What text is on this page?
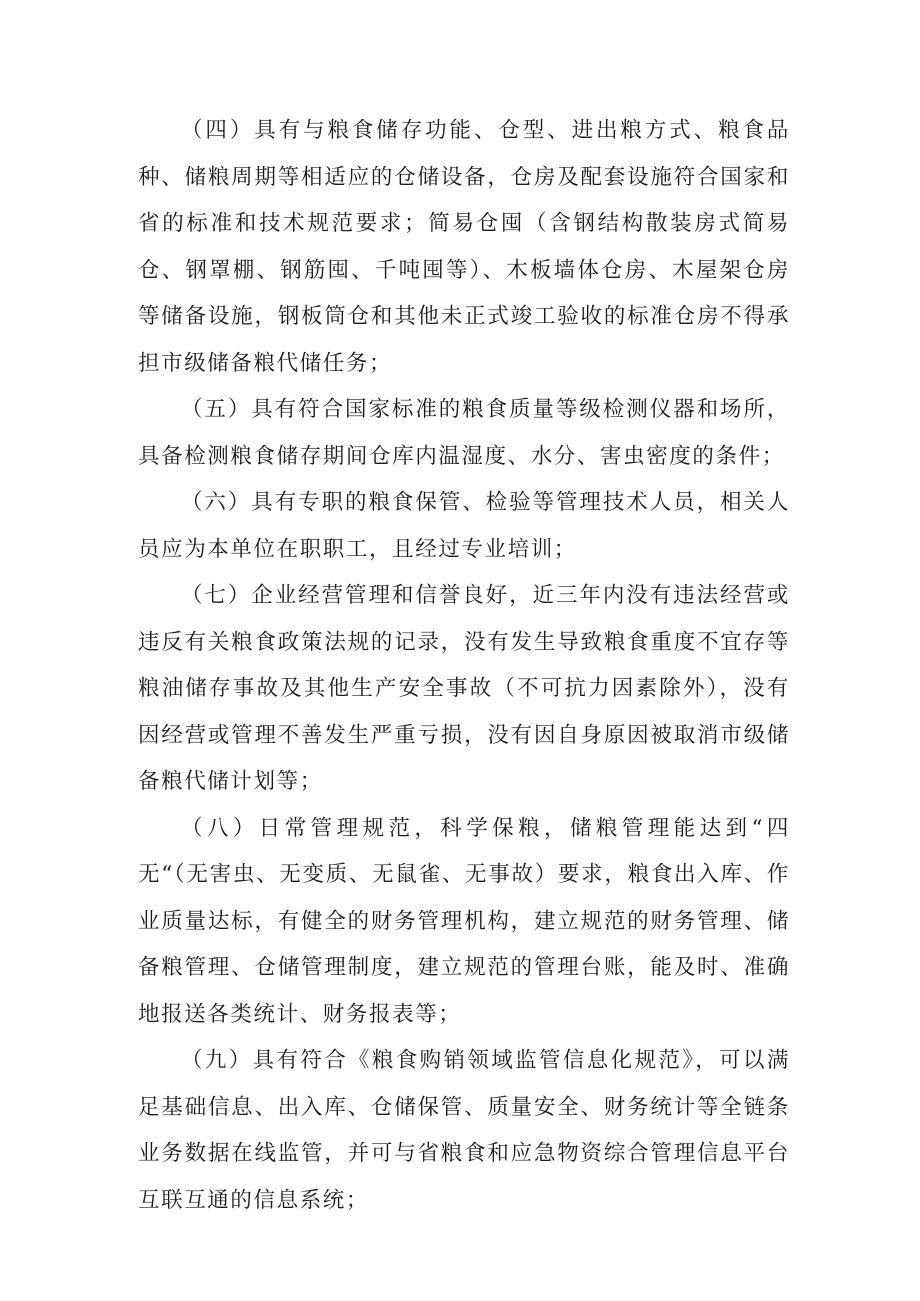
（四）具有与粮食储存功能、仓型、进出粮方式、粮食品种、储粮周期等相适应的仓储设备，仓房及配套设施符合国家和省的标准和技术规范要求；简易仓囤（含钢结构散装房式简易仓、钢罩棚、钢筋囤、千吨囤等）、木板墙体仓房、木屋架仓房等储备设施，钢板筒仓和其他未正式竣工验收的标准仓房不得承担市级储备粮代储任务；

（五）具有符合国家标准的粮食质量等级检测仪器和场所，具备检测粮食储存期间仓库内温湿度、水分、害虫密度的条件；

（六）具有专职的粮食保管、检验等管理技术人员，相关人员应为本单位在职职工，且经过专业培训；

（七）企业经营管理和信誉良好，近三年内没有违法经营或违反有关粮食政策法规的记录，没有发生导致粮食重度不宜存等粮油储存事故及其他生产安全事故（不可抗力因素除外），没有因经营或管理不善发生严重亏损，没有因自身原因被取消市级储备粮代储计划等；

（八）日常管理规范，科学保粮，储粮管理能达到“四无“（无害虫、无变质、无鼠雀、无事故）要求，粮食出入库、作业质量达标，有健全的财务管理机构，建立规范的财务管理、储备粮管理、仓储管理制度，建立规范的管理台账，能及时、准确地报送各类统计、财务报表等；

（九）具有符合《粮食购销领域监管信息化规范》，可以满足基础信息、出入库、仓储保管、质量安全、财务统计等全链条业务数据在线监管，并可与省粮食和应急物资综合管理信息平台互联互通的信息系统；
